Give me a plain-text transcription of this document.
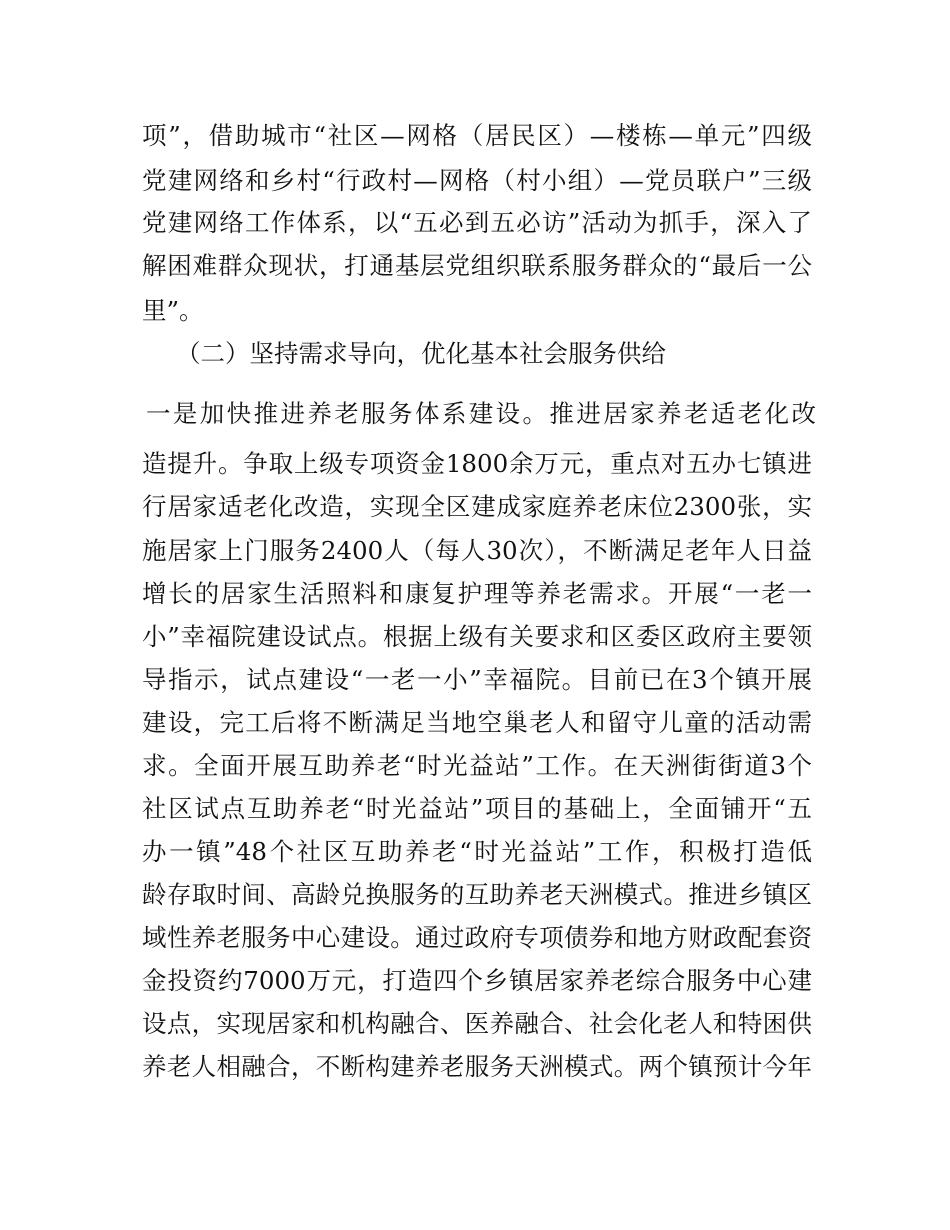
项”，借助城市“社区—网格（居民区）—楼栋—单元”四级
党建网络和乡村“行政村—网格（村小组）—党员联户”三级
党建网络工作体系，以“五必到五必访”活动为抓手，深入了
解困难群众现状，打通基层党组织联系服务群众的“最后一公
里”。
（二）坚持需求导向，优化基本社会服务供给
一是加快推进养老服务体系建设。推进居家养老适老化改
造提升。争取上级专项资金1800余万元，重点对五办七镇进
行居家适老化改造，实现全区建成家庭养老床位2300张，实
施居家上门服务2400人（每人30次），不断满足老年人日益
增长的居家生活照料和康复护理等养老需求。开展“一老一
小”幸福院建设试点。根据上级有关要求和区委区政府主要领
导指示，试点建设“一老一小”幸福院。目前已在3个镇开展
建设，完工后将不断满足当地空巢老人和留守儿童的活动需
求。全面开展互助养老“时光益站”工作。在天洲街街道3个
社区试点互助养老“时光益站”项目的基础上，全面铺开“五
办一镇”48个社区互助养老“时光益站”工作，积极打造低
龄存取时间、高龄兑换服务的互助养老天洲模式。推进乡镇区
域性养老服务中心建设。通过政府专项债券和地方财政配套资
金投资约7000万元，打造四个乡镇居家养老综合服务中心建
设点，实现居家和机构融合、医养融合、社会化老人和特困供
养老人相融合，不断构建养老服务天洲模式。两个镇预计今年
